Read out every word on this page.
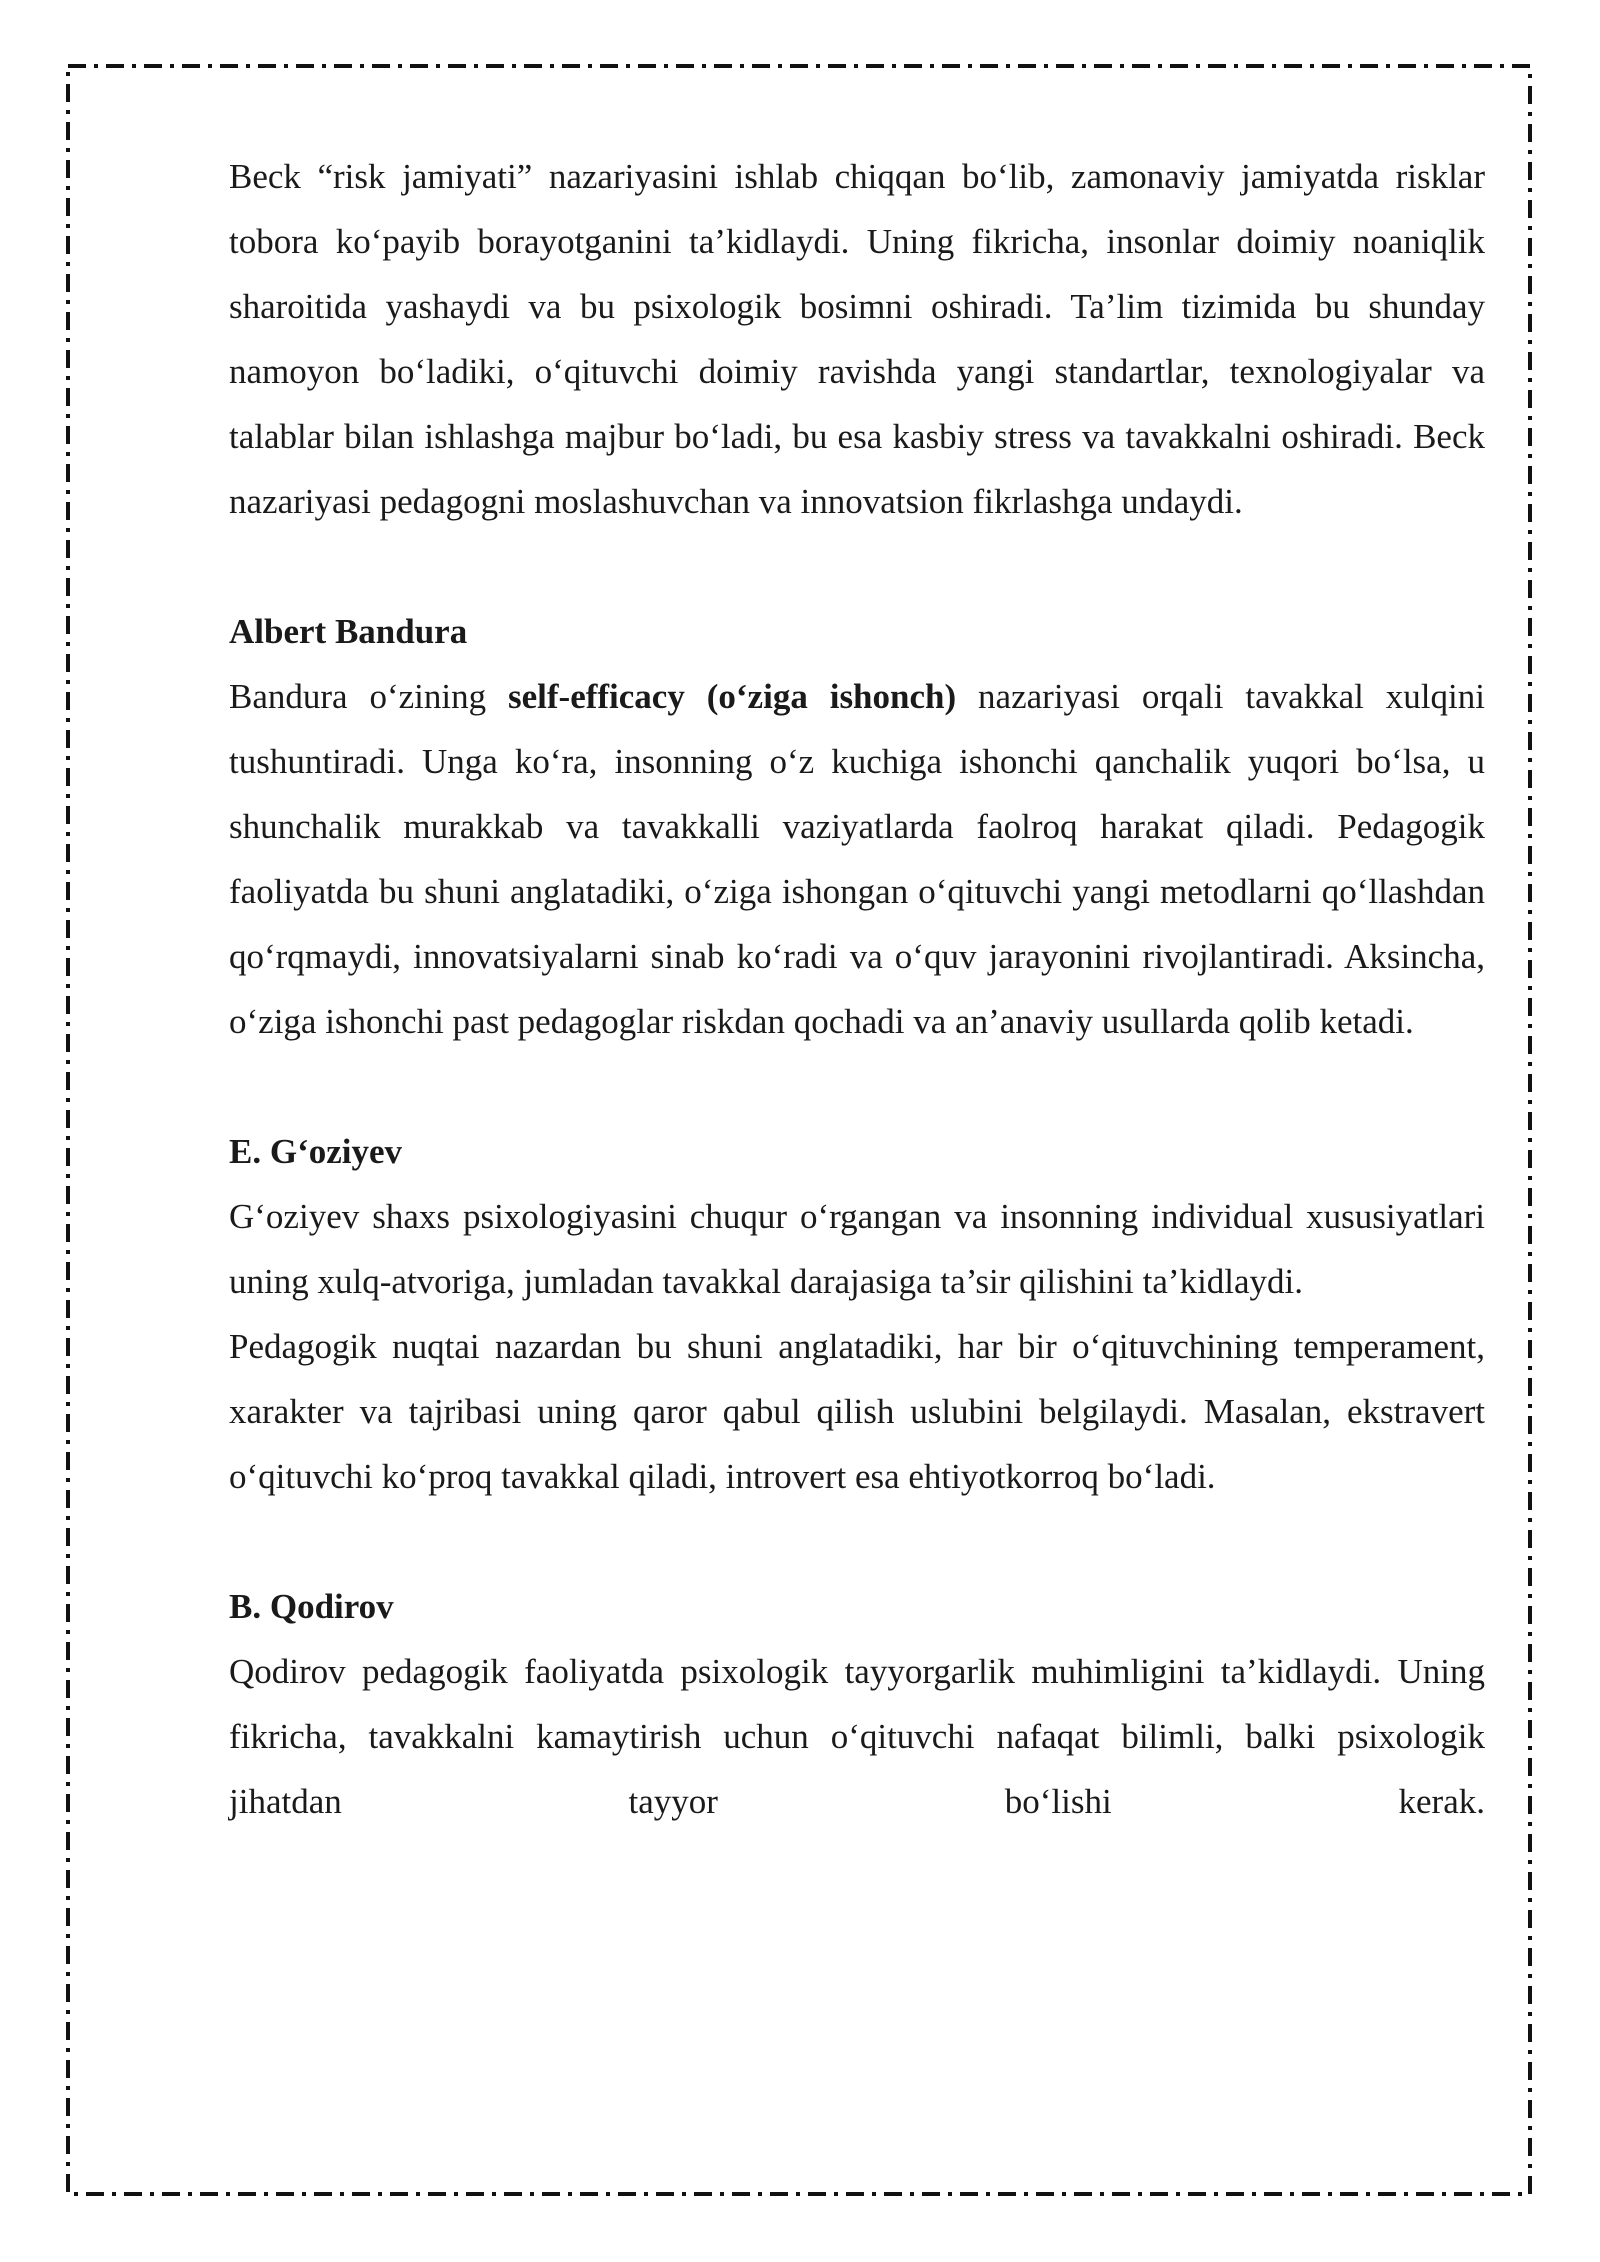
Beck “risk jamiyati” nazariyasini ishlab chiqqan bo‘lib, zamonaviy jamiyatda risklar tobora ko‘payib borayotganini ta’kidlaydi. Uning fikricha, insonlar doimiy noaniqlik sharoitida yashaydi va bu psixologik bosimni oshiradi. Ta’lim tizimida bu shunday namoyon bo‘ladiki, o‘qituvchi doimiy ravishda yangi standartlar, texnologiyalar va talablar bilan ishlashga majbur bo‘ladi, bu esa kasbiy stress va tavakkalni oshiradi. Beck nazariyasi pedagogni moslashuvchan va innovatsion fikrlashga undaydi.

Albert Bandura

Bandura o‘zining self-efficacy (o‘ziga ishonch) nazariyasi orqali tavakkal xulqini tushuntiradi. Unga ko‘ra, insonning o‘z kuchiga ishonchi qanchalik yuqori bo‘lsa, u shunchalik murakkab va tavakkalli vaziyatlarda faolroq harakat qiladi. Pedagogik faoliyatda bu shuni anglatadiki, o‘ziga ishongan o‘qituvchi yangi metodlarni qo‘llashdan qo‘rqmaydi, innovatsiyalarni sinab ko‘radi va o‘quv jarayonini rivojlantiradi. Aksincha, o‘ziga ishonchi past pedagoglar riskdan qochadi va an’anaviy usullarda qolib ketadi.

E. G‘oziyev

G‘oziyev shaxs psixologiyasini chuqur o‘rgangan va insonning individual xususiyatlari uning xulq-atvoriga, jumladan tavakkal darajasiga ta’sir qilishini ta’kidlaydi.

Pedagogik nuqtai nazardan bu shuni anglatadiki, har bir o‘qituvchining temperament, xarakter va tajribasi uning qaror qabul qilish uslubini belgilaydi. Masalan, ekstravert o‘qituvchi ko‘proq tavakkal qiladi, introvert esa ehtiyotkorroq bo‘ladi.

B. Qodirov

Qodirov pedagogik faoliyatda psixologik tayyorgarlik muhimligini ta’kidlaydi. Uning fikricha, tavakkalni kamaytirish uchun o‘qituvchi nafaqat bilimli, balki psixologik jihatdan tayyor bo‘lishi kerak.
